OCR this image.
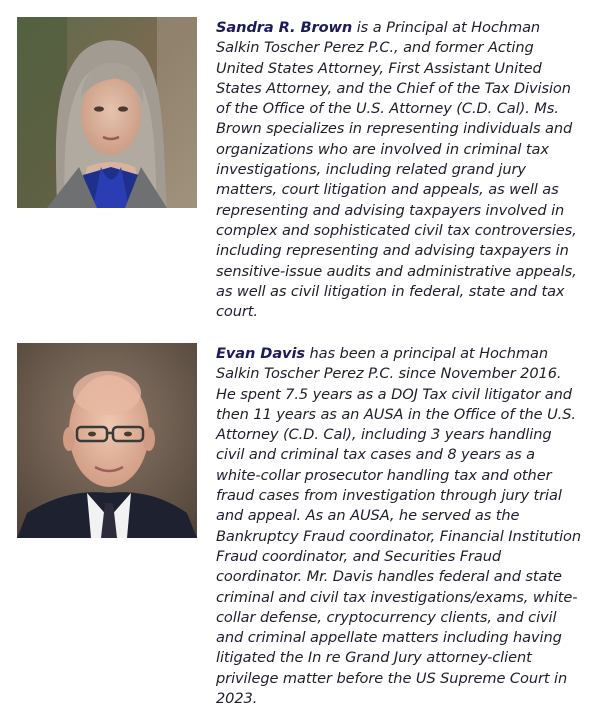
Sandra R. Brown is a Principal at Hochman Salkin Toscher Perez P.C., and former Acting United States Attorney, First Assistant United States Attorney, and the Chief of the Tax Division of the Office of the U.S. Attorney (C.D. Cal). Ms. Brown specializes in representing individuals and organizations who are involved in criminal tax investigations, including related grand jury matters, court litigation and appeals, as well as representing and advising taxpayers involved in complex and sophisticated civil tax controversies, including representing and advising taxpayers in sensitive-issue audits and administrative appeals, as well as civil litigation in federal, state and tax court.

Evan Davis has been a principal at Hochman Salkin Toscher Perez P.C. since November 2016. He spent 7.5 years as a DOJ Tax civil litigator and then 11 years as an AUSA in the Office of the U.S. Attorney (C.D. Cal), including 3 years handling civil and criminal tax cases and 8 years as a white-collar prosecutor handling tax and other fraud cases from investigation through jury trial and appeal. As an AUSA, he served as the Bankruptcy Fraud coordinator, Financial Institution Fraud coordinator, and Securities Fraud coordinator. Mr. Davis handles federal and state criminal and civil tax investigations/exams, white-collar defense, cryptocurrency clients, and civil and criminal appellate matters including having litigated the In re Grand Jury attorney-client privilege matter before the US Supreme Court in 2023.
